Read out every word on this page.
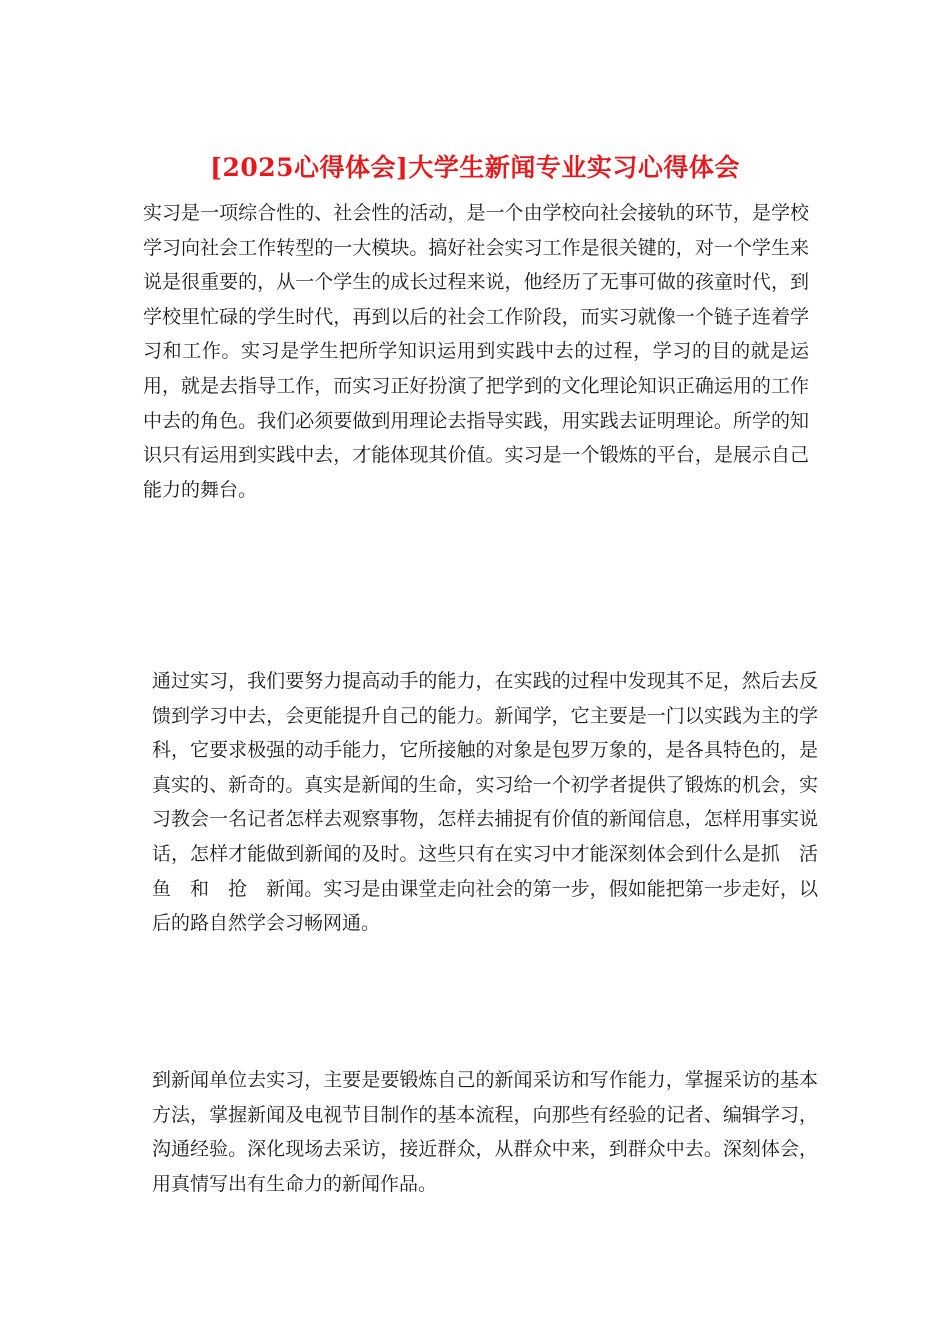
[2025心得体会]大学生新闻专业实习心得体会
实习是一项综合性的、社会性的活动，是一个由学校向社会接轨的环节，是学校学习向社会工作转型的一大模块。搞好社会实习工作是很关键的，对一个学生来说是很重要的，从一个学生的成长过程来说，他经历了无事可做的孩童时代，到学校里忙碌的学生时代，再到以后的社会工作阶段，而实习就像一个链子连着学习和工作。实习是学生把所学知识运用到实践中去的过程，学习的目的就是运用，就是去指导工作，而实习正好扮演了把学到的文化理论知识正确运用的工作中去的角色。我们必须要做到用理论去指导实践，用实践去证明理论。所学的知识只有运用到实践中去，才能体现其价值。实习是一个锻炼的平台，是展示自己能力的舞台。
通过实习，我们要努力提高动手的能力，在实践的过程中发现其不足，然后去反馈到学习中去，会更能提升自己的能力。新闻学，它主要是一门以实践为主的学科，它要求极强的动手能力，它所接触的对象是包罗万象的，是各具特色的，是真实的、新奇的。真实是新闻的生命，实习给一个初学者提供了锻炼的机会，实习教会一名记者怎样去观察事物，怎样去捕捉有价值的新闻信息，怎样用事实说话，怎样才能做到新闻的及时。这些只有在实习中才能深刻体会到什么是抓　活鱼　和　抢　新闻。实习是由课堂走向社会的第一步，假如能把第一步走好，以后的路自然学会习畅网通。
到新闻单位去实习，主要是要锻炼自己的新闻采访和写作能力，掌握采访的基本方法，掌握新闻及电视节目制作的基本流程，向那些有经验的记者、编辑学习，沟通经验。深化现场去采访，接近群众，从群众中来，到群众中去。深刻体会，用真情写出有生命力的新闻作品。
